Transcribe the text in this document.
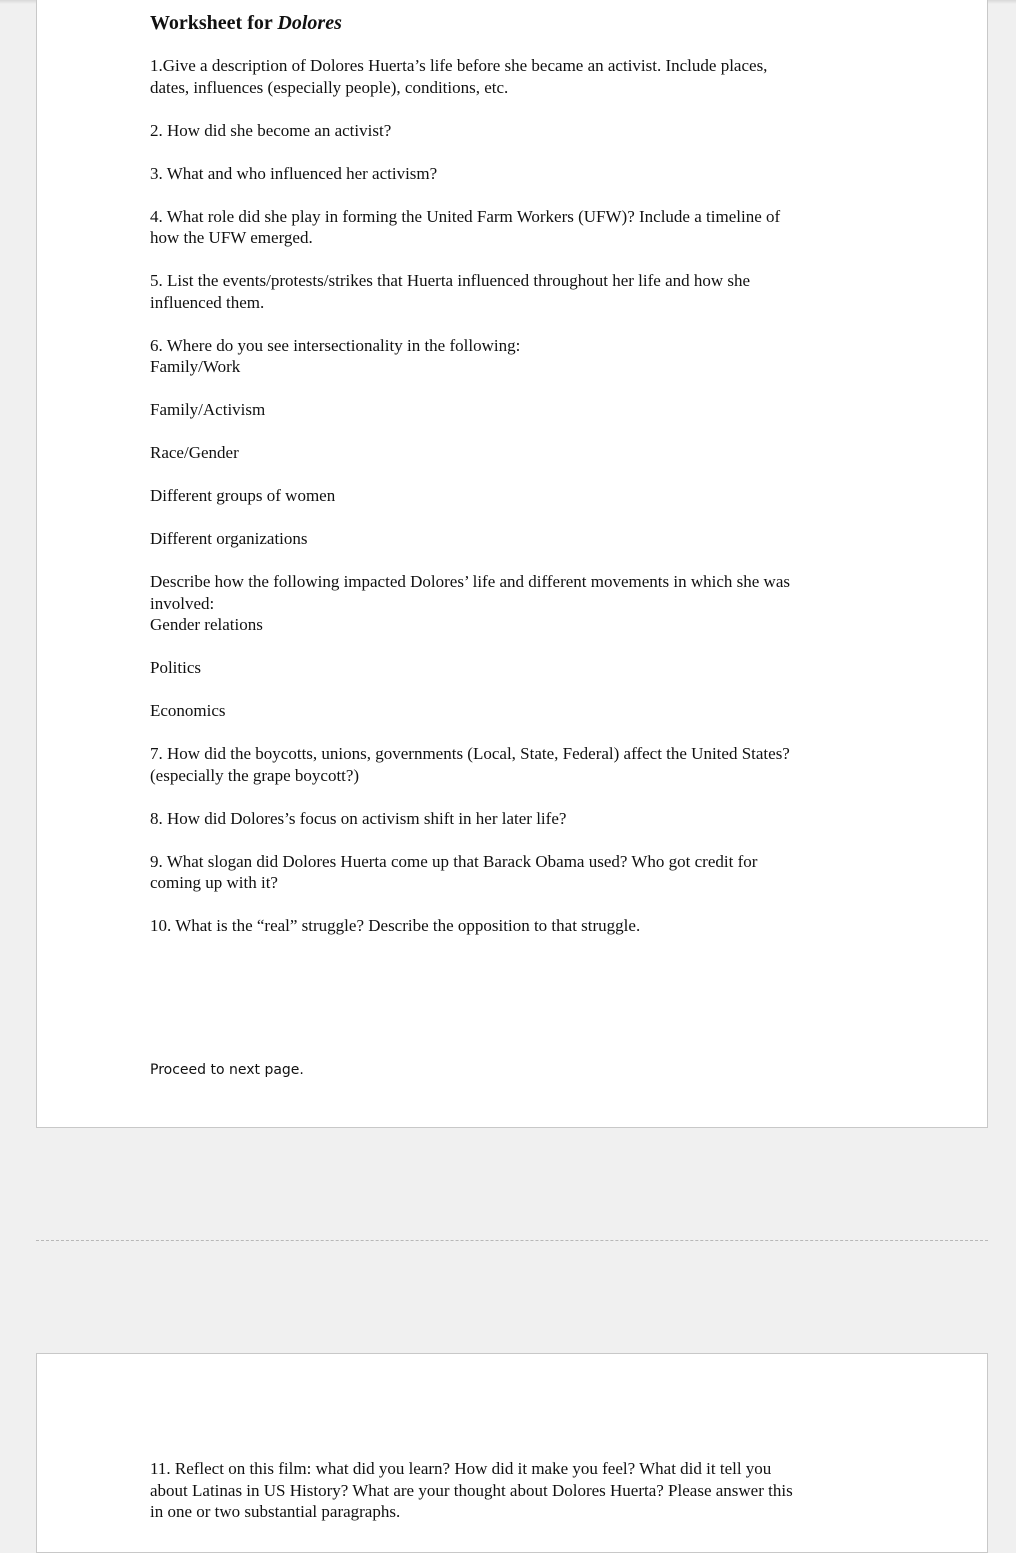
Worksheet for Dolores

1.Give a description of Dolores Huerta’s life before she became an activist. Include places,

dates, influences (especially people), conditions, etc.

2. How did she become an activist?

3. What and who influenced her activism?

4. What role did she play in forming the United Farm Workers (UFW)? Include a timeline of

how the UFW emerged.

5. List the events/protests/strikes that Huerta influenced throughout her life and how she

influenced them.

6. Where do you see intersectionality in the following:

Family/Work

Family/Activism

Race/Gender

Different groups of women

Different organizations

Describe how the following impacted Dolores’ life and different movements in which she was

involved:

Gender relations

Politics

Economics

7. How did the boycotts, unions, governments (Local, State, Federal) affect the United States?

(especially the grape boycott?)

8. How did Dolores’s focus on activism shift in her later life?

9. What slogan did Dolores Huerta come up that Barack Obama used? Who got credit for

coming up with it?

10. What is the “real” struggle? Describe the opposition to that struggle.

Proceed to next page.

11. Reflect on this film: what did you learn? How did it make you feel? What did it tell you

about Latinas in US History? What are your thought about Dolores Huerta? Please answer this

in one or two substantial paragraphs.
